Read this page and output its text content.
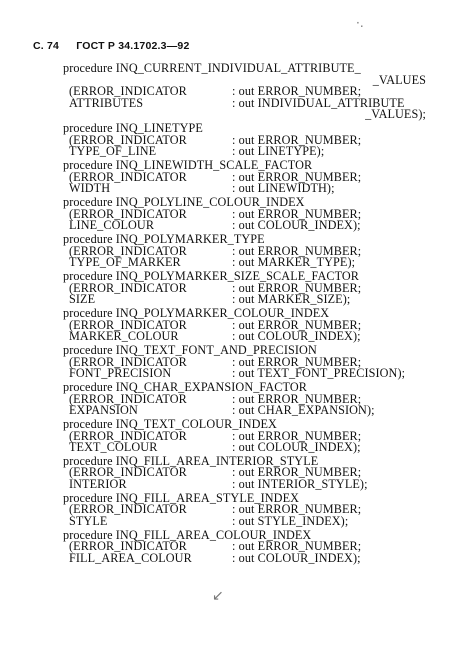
С. 74 ГОСТ Р 34.1702.3—92
procedure INQ_CURRENT_INDIVIDUAL_ATTRIBUTE_
_VALUES
(ERROR_INDICATOR	: out ERROR_NUMBER;
ATTRIBUTES	: out INDIVIDUAL_ATTRIBUTE
_VALUES);
procedure INQ_LINETYPE
(ERROR_INDICATOR	: out ERROR_NUMBER;
TYPE_OF_LINE	: out LINETYPE);
procedure INQ_LINEWIDTH_SCALE_FACTOR
(ERROR_INDICATOR	: out ERROR_NUMBER;
WIDTH	: out LINEWIDTH);
procedure INQ_POLYLINE_COLOUR_INDEX
(ERROR_INDICATOR	: out ERROR_NUMBER;
LINE_COLOUR	: out COLOUR_INDEX);
procedure INQ_POLYMARKER_TYPE
(ERROR_INDICATOR	: out ERROR_NUMBER;
TYPE_OF_MARKER	: out MARKER_TYPE);
procedure INQ_POLYMARKER_SIZE_SCALE_FACTOR
(ERROR_INDICATOR	: out ERROR_NUMBER;
SIZE	: out MARKER_SIZE);
procedure INQ_POLYMARKER_COLOUR_INDEX
(ERROR_INDICATOR	: out ERROR_NUMBER;
MARKER_COLOUR	: out COLOUR_INDEX);
procedure INQ_TEXT_FONT_AND_PRECISION
(ERROR_INDICATOR	: out ERROR_NUMBER;
FONT_PRECISION	: out TEXT_FONT_PRECISION);
procedure INQ_CHAR_EXPANSION_FACTOR
(ERROR_INDICATOR	: out ERROR_NUMBER;
EXPANSION	: out CHAR_EXPANSION);
procedure INQ_TEXT_COLOUR_INDEX
(ERROR_INDICATOR	: out ERROR_NUMBER;
TEXT_COLOUR	: out COLOUR_INDEX);
procedure INQ_FILL_AREA_INTERIOR_STYLE
(ERROR_INDICATOR	: out ERROR_NUMBER;
INTERIOR	: out INTERIOR_STYLE);
procedure INQ_FILL_AREA_STYLE_INDEX
(ERROR_INDICATOR	: out ERROR_NUMBER;
STYLE	: out STYLE_INDEX);
procedure INQ_FILL_AREA_COLOUR_INDEX
(ERROR_INDICATOR	: out ERROR_NUMBER;
FILL_AREA_COLOUR	: out COLOUR_INDEX);
·.
↙
